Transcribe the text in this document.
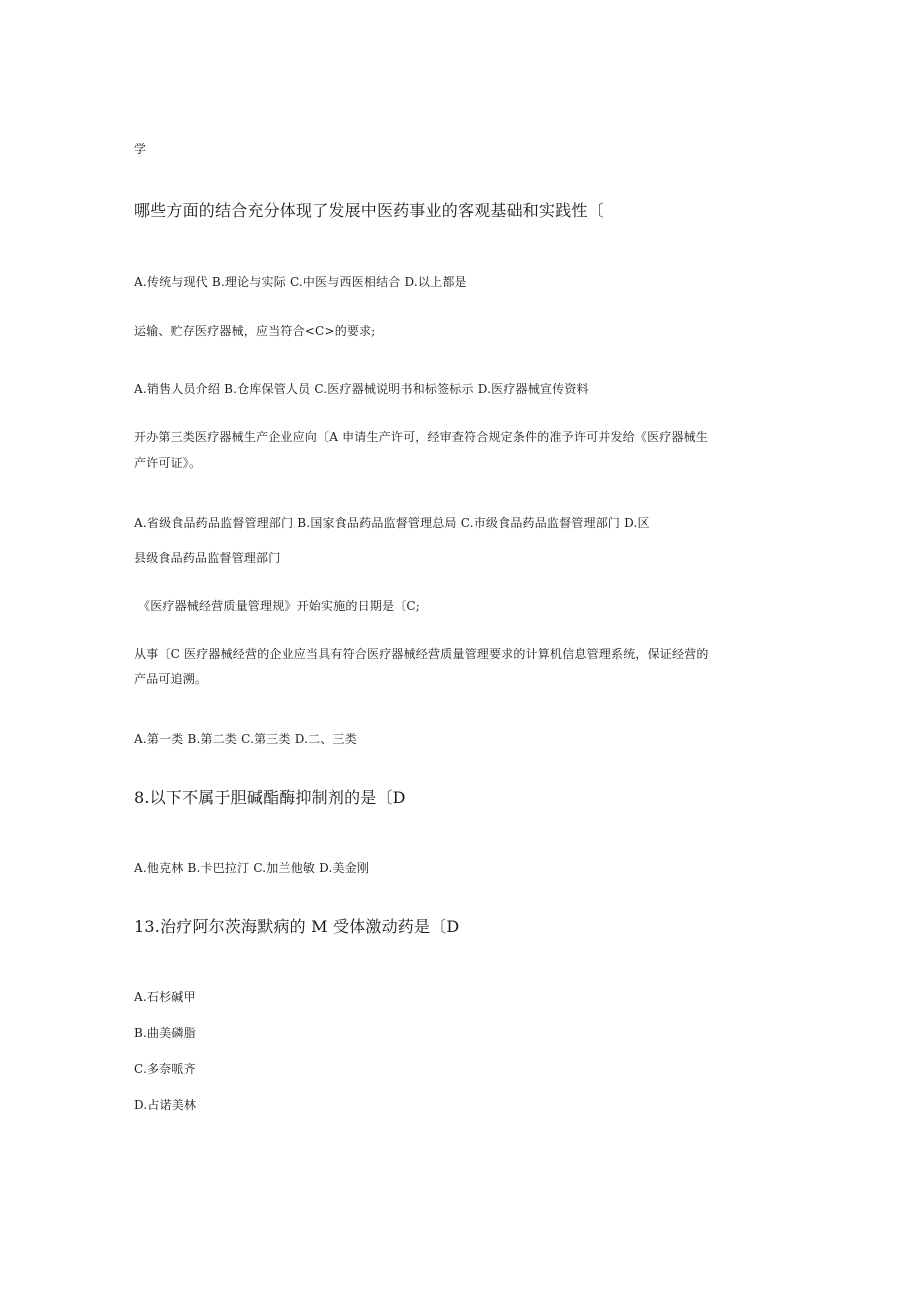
学
哪些方面的结合充分体现了发展中医药事业的客观基础和实践性〔
A.传统与现代 B.理论与实际 C.中医与西医相结合 D.以上都是
运输、贮存医疗器械，应当符合<C>的要求;
A.销售人员介绍 B.仓库保管人员 C.医疗器械说明书和标签标示 D.医疗器械宣传资料
开办第三类医疗器械生产企业应向〔A 申请生产许可，经审查符合规定条件的准予许可并发给《医疗器械生
产许可证》。
A.省级食品药品监督管理部门 B.国家食品药品监督管理总局 C.市级食品药品监督管理部门 D.区
县级食品药品监督管理部门
《医疗器械经营质量管理规》开始实施的日期是〔C;
从事〔C 医疗器械经营的企业应当具有符合医疗器械经营质量管理要求的计算机信息管理系统，保证经营的
产品可追溯。
A.第一类 B.第二类 C.第三类 D.二、三类
8.以下不属于胆碱酯酶抑制剂的是〔D
A.他克林 B.卡巴拉汀 C.加兰他敏 D.美金刚
13.治疗阿尔茨海默病的 M 受体激动药是〔D
A.石杉碱甲
B.曲美磷脂
C.多奈哌齐
D.占诺美林
